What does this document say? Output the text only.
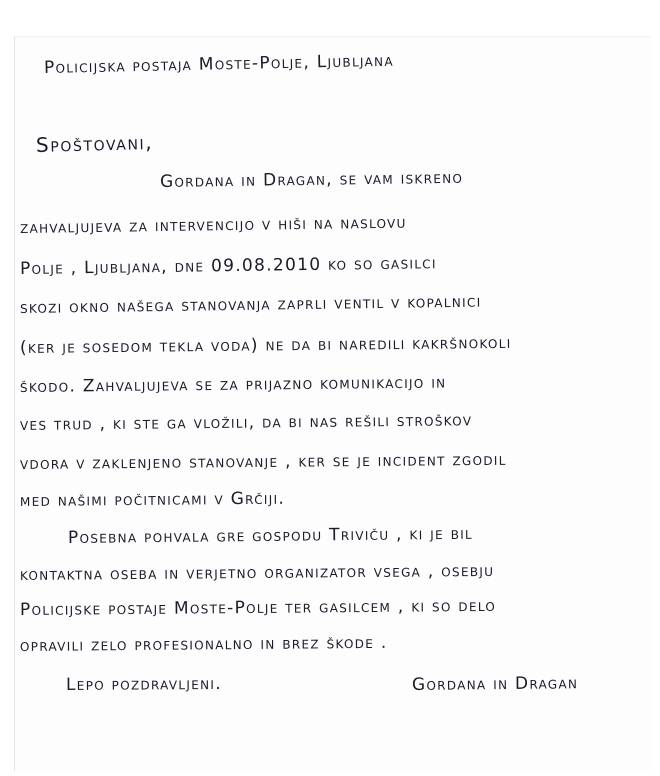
Policijska postaja Moste-Polje, Ljubljana
Spoštovani,
Gordana in Dragan, se vam iskreno
zahvaljujeva za intervencijo v hiši na naslovu
Polje , Ljubljana, dne 09.08.2010 ko so gasilci
skozi okno našega stanovanja zaprli ventil v kopalnici
(ker je sosedom tekla voda) ne da bi naredili kakršnokoli
škodo. Zahvaljujeva se za prijazno komunikacijo in
ves trud , ki ste ga vložili, da bi nas rešili stroškov
vdora v zaklenjeno stanovanje , ker se je incident zgodil
med našimi počitnicami v Grčiji.
Posebna pohvala gre gospodu Triviču , ki je bil
kontaktna oseba in verjetno organizator vsega , osebju
Policijske postaje Moste-Polje ter gasilcem , ki so delo
opravili zelo profesionalno in brez škode .
Lepo pozdravljeni.	Gordana in Dragan
